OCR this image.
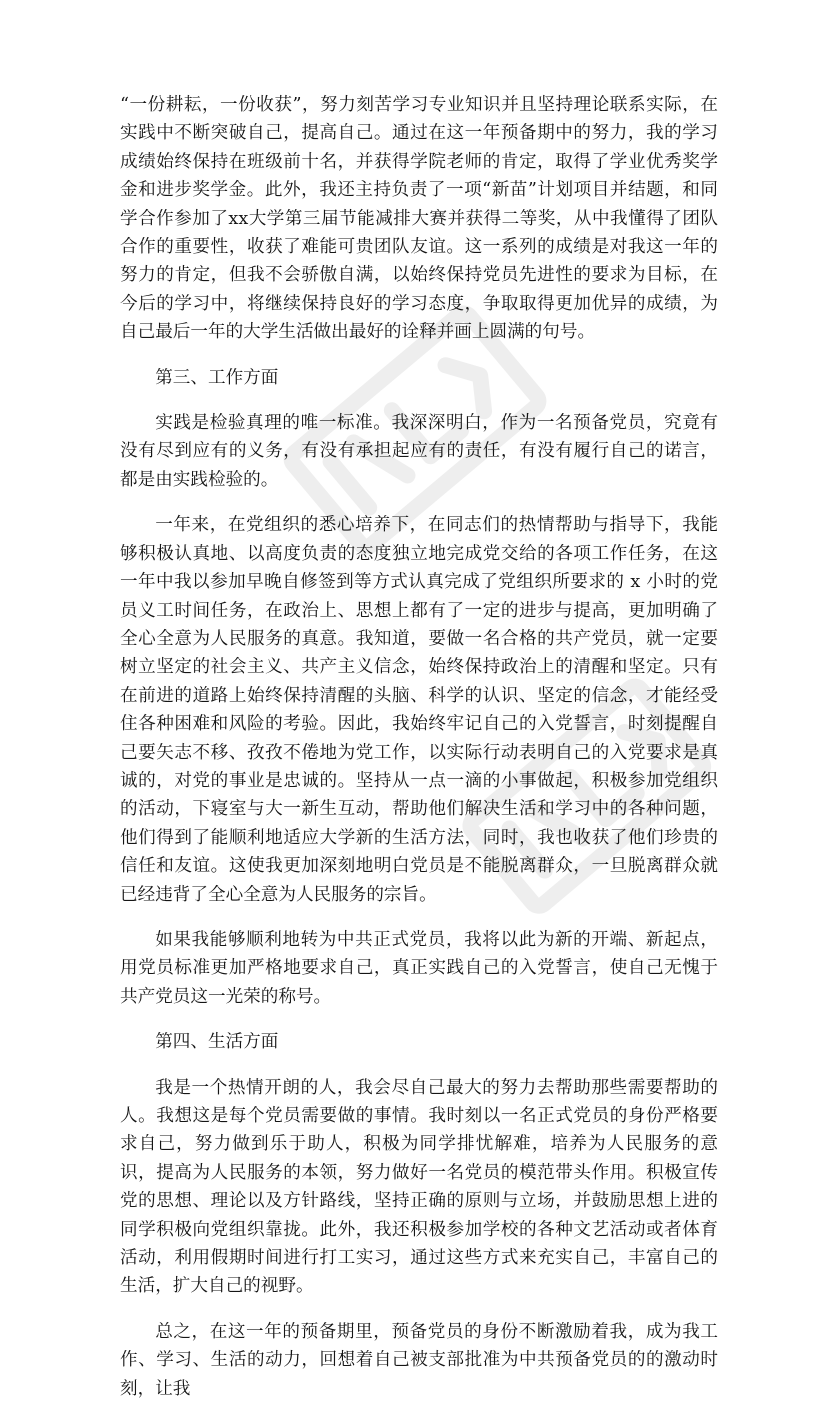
“一份耕耘，一份收获”，努力刻苦学习专业知识并且坚持理论联系实际，在实践中不断突破自己，提高自己。通过在这一年预备期中的努力，我的学习成绩始终保持在班级前十名，并获得学院老师的肯定，取得了学业优秀奖学金和进步奖学金。此外，我还主持负责了一项“新苗”计划项目并结题，和同学合作参加了xx大学第三届节能减排大赛并获得二等奖，从中我懂得了团队合作的重要性，收获了难能可贵团队友谊。这一系列的成绩是对我这一年的努力的肯定，但我不会骄傲自满，以始终保持党员先进性的要求为目标，在今后的学习中，将继续保持良好的学习态度，争取取得更加优异的成绩，为自己最后一年的大学生活做出最好的诠释并画上圆满的句号。

第三、工作方面

实践是检验真理的唯一标准。我深深明白，作为一名预备党员，究竟有没有尽到应有的义务，有没有承担起应有的责任，有没有履行自己的诺言，都是由实践检验的。

一年来，在党组织的悉心培养下，在同志们的热情帮助与指导下，我能够积极认真地、以高度负责的态度独立地完成党交给的各项工作任务，在这一年中我以参加早晚自修签到等方式认真完成了党组织所要求的 x 小时的党员义工时间任务，在政治上、思想上都有了一定的进步与提高，更加明确了全心全意为人民服务的真意。我知道，要做一名合格的共产党员，就一定要树立坚定的社会主义、共产主义信念，始终保持政治上的清醒和坚定。只有在前进的道路上始终保持清醒的头脑、科学的认识、坚定的信念，才能经受住各种困难和风险的考验。因此，我始终牢记自己的入党誓言，时刻提醒自己要矢志不移、孜孜不倦地为党工作，以实际行动表明自己的入党要求是真诚的，对党的事业是忠诚的。坚持从一点一滴的小事做起，积极参加党组织的活动，下寝室与大一新生互动，帮助他们解决生活和学习中的各种问题，他们得到了能顺利地适应大学新的生活方法，同时，我也收获了他们珍贵的信任和友谊。这使我更加深刻地明白党员是不能脱离群众，一旦脱离群众就已经违背了全心全意为人民服务的宗旨。

如果我能够顺利地转为中共正式党员，我将以此为新的开端、新起点，用党员标准更加严格地要求自己，真正实践自己的入党誓言，使自己无愧于共产党员这一光荣的称号。

第四、生活方面

我是一个热情开朗的人，我会尽自己最大的努力去帮助那些需要帮助的人。我想这是每个党员需要做的事情。我时刻以一名正式党员的身份严格要求自己，努力做到乐于助人，积极为同学排忧解难，培养为人民服务的意识，提高为人民服务的本领，努力做好一名党员的模范带头作用。积极宣传党的思想、理论以及方针路线，坚持正确的原则与立场，并鼓励思想上进的同学积极向党组织靠拢。此外，我还积极参加学校的各种文艺活动或者体育活动，利用假期时间进行打工实习，通过这些方式来充实自己，丰富自己的生活，扩大自己的视野。

总之，在这一年的预备期里，预备党员的身份不断激励着我，成为我工作、学习、生活的动力，回想着自己被支部批准为中共预备党员的的激动时刻，让我
